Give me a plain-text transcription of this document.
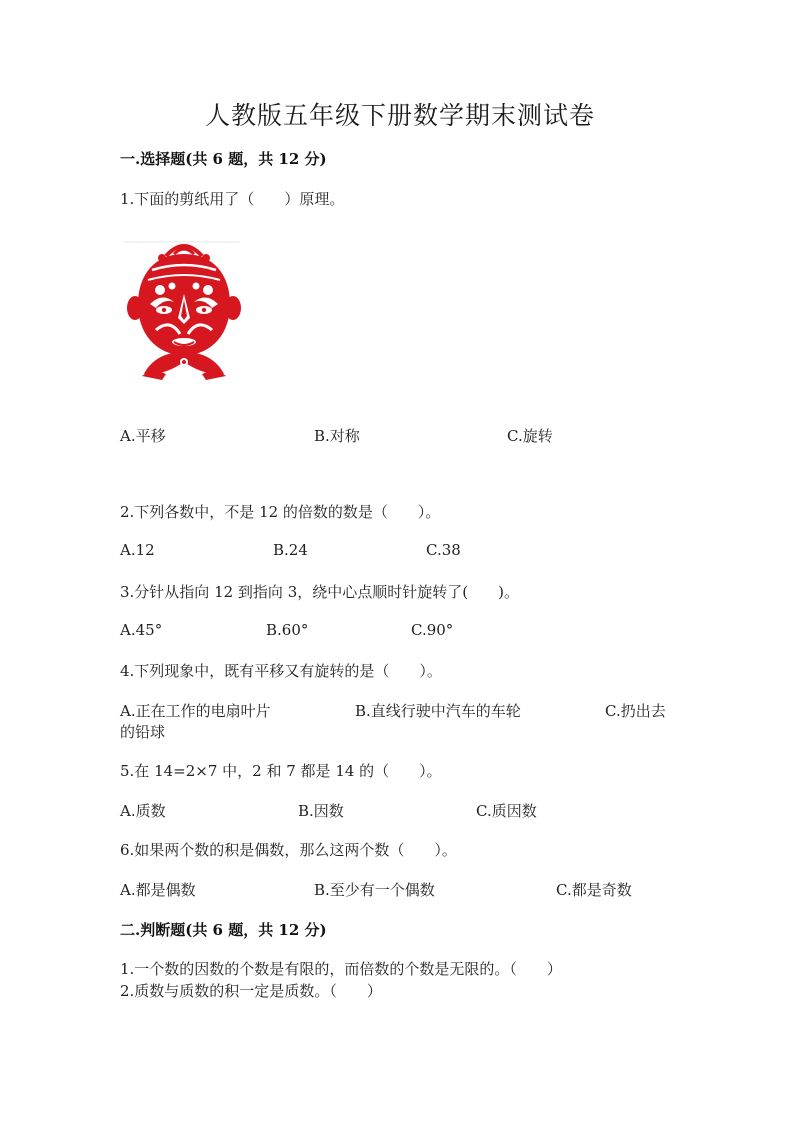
人教版五年级下册数学期末测试卷
一.选择题(共 6 题，共 12 分)
1.下面的剪纸用了（　　）原理。
A.平移	B.对称	C.旋转
2.下列各数中，不是 12 的倍数的数是（　　）。
A.12	B.24	C.38
3.分针从指向 12 到指向 3，绕中心点顺时针旋转了(　　)。
A.45°	B.60°	C.90°
4.下列现象中，既有平移又有旋转的是（　　）。
A.正在工作的电扇叶片	B.直线行驶中汽车的车轮	C.扔出去
的铅球
5.在 14=2×7 中，2 和 7 都是 14 的（　　）。
A.质数	B.因数	C.质因数
6.如果两个数的积是偶数，那么这两个数（　　）。
A.都是偶数	B.至少有一个偶数	C.都是奇数
二.判断题(共 6 题，共 12 分)
1.一个数的因数的个数是有限的，而倍数的个数是无限的。（　　）
2.质数与质数的积一定是质数。（　　）
